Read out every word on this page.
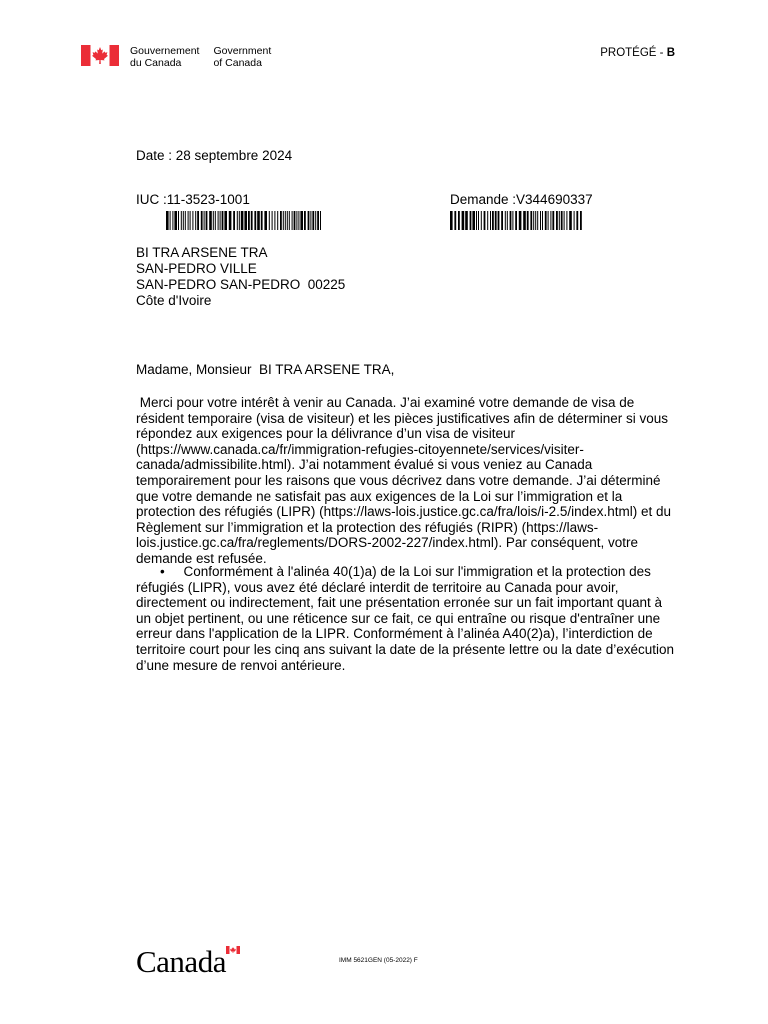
Gouvernement
du Canada
Government
of Canada
PROTÉGÉ - B
Date : 28 septembre 2024
IUC :11-3523-1001	Demande :V344690337
BI TRA ARSENE TRA
SAN-PEDRO VILLE
SAN-PEDRO SAN-PEDRO  00225
Côte d'Ivoire
Madame, Monsieur  BI TRA ARSENE TRA,
Merci pour votre intérêt à venir au Canada. J’ai examiné votre demande de visa de résident temporaire (visa de visiteur) et les pièces justificatives afin de déterminer si vous répondez aux exigences pour la délivrance d’un visa de visiteur (https://www.canada.ca/fr/immigration-refugies-citoyennete/services/visiter-canada/admissibilite.html). J’ai notamment évalué si vous veniez au Canada temporairement pour les raisons que vous décrivez dans votre demande. J’ai déterminé que votre demande ne satisfait pas aux exigences de la Loi sur l’immigration et la protection des réfugiés (LIPR) (https://laws-lois.justice.gc.ca/fra/lois/i-2.5/index.html) et du Règlement sur l’immigration et la protection des réfugiés (RIPR) (https://laws-lois.justice.gc.ca/fra/reglements/DORS-2002-227/index.html). Par conséquent, votre demande est refusée.
•     Conformément à l'alinéa 40(1)a) de la Loi sur l'immigration et la protection des réfugiés (LIPR), vous avez été déclaré interdit de territoire au Canada pour avoir, directement ou indirectement, fait une présentation erronée sur un fait important quant à un objet pertinent, ou une réticence sur ce fait, ce qui entraîne ou risque d'entraîner une erreur dans l'application de la LIPR. Conformément à l’alinéa A40(2)a), l’interdiction de territoire court pour les cinq ans suivant la date de la présente lettre ou la date d’exécution d’une mesure de renvoi antérieure.
Canada	IMM 5621GEN (05-2022) F
